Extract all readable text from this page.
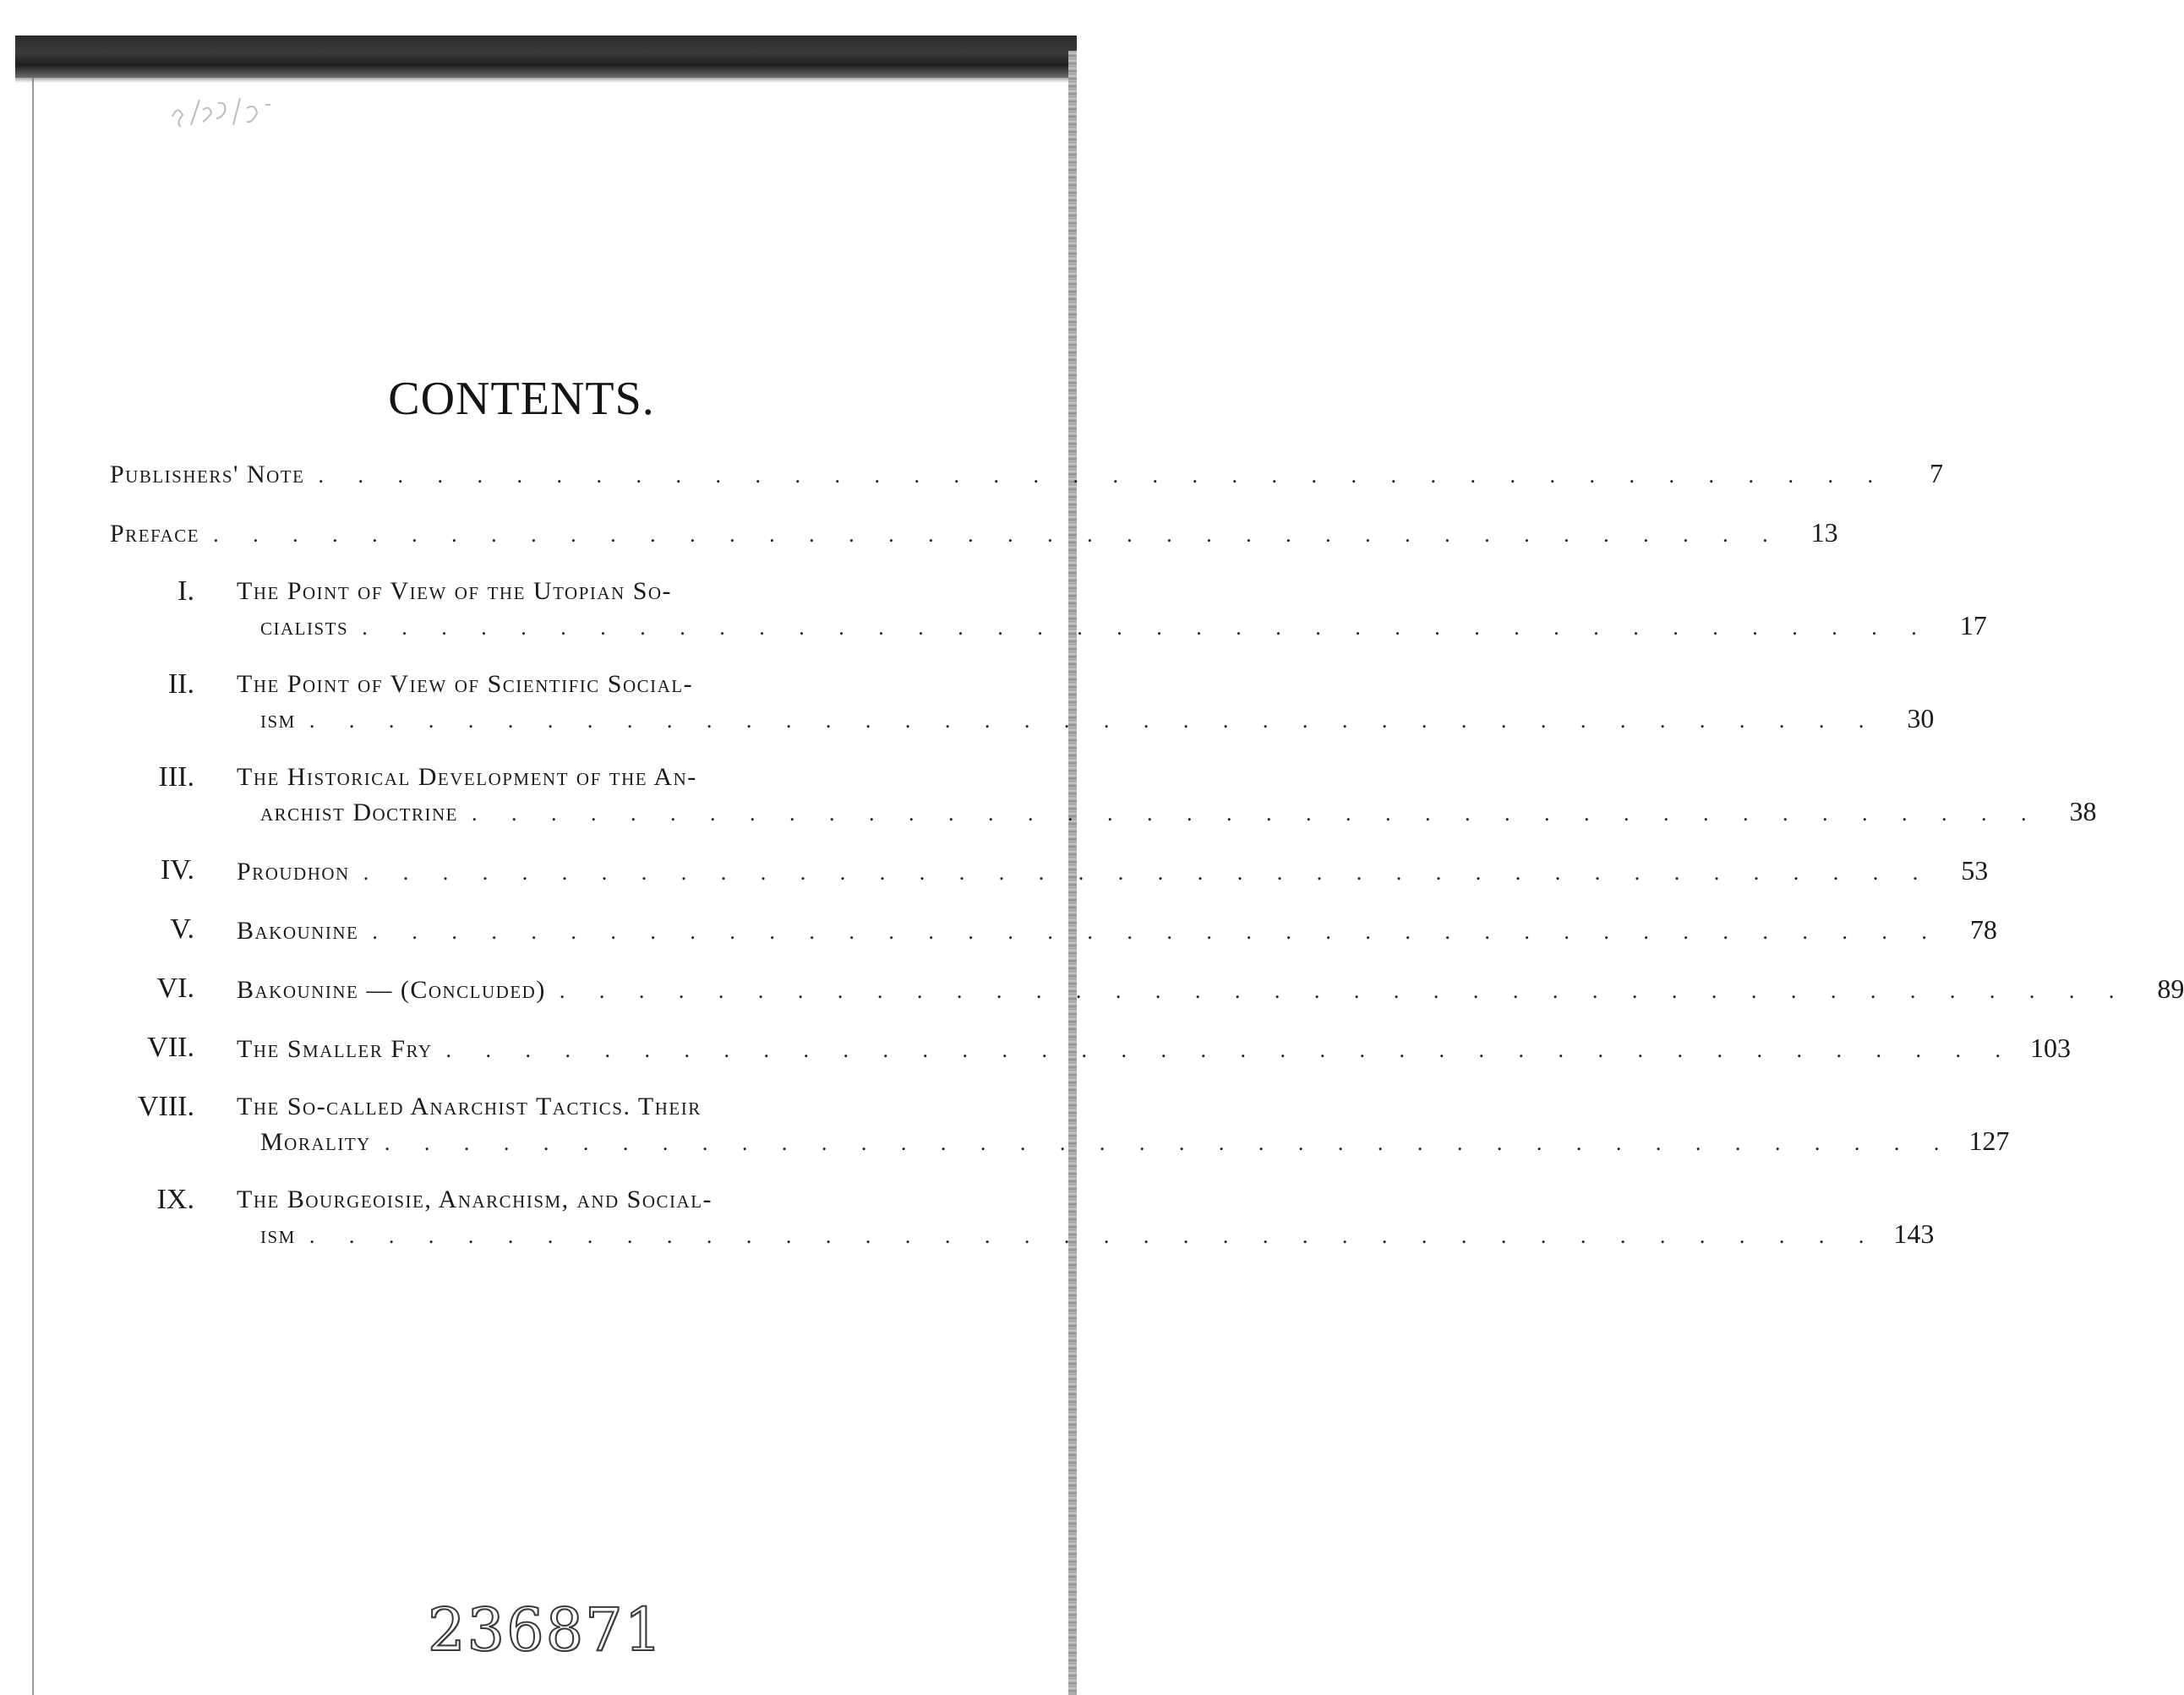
CONTENTS.
Publishers' Note . . . . . . . . . . . . . . . . . . . . . . . . . . . . . . . . . . . . . . . .	7
Preface . . . . . . . . . . . . . . . . . . . . . . . . . . . . . . . . . . . . . . . .	13
I. The Point of View of the Utopian So-
cialists . . . . . . . . . . . . . . . . . . . . . . . . . . . . . . . . . . . . . . . .	17
II. The Point of View of Scientific Social-
ism . . . . . . . . . . . . . . . . . . . . . . . . . . . . . . . . . . . . . . . .	30
III. The Historical Development of the An-
archist Doctrine . . . . . . . . . . . . . . . . . . . . . . . . . . . . . . . . . . . . . . . .	38
IV. Proudhon . . . . . . . . . . . . . . . . . . . . . . . . . . . . . . . . . . . . . . . .	53
V. Bakounine . . . . . . . . . . . . . . . . . . . . . . . . . . . . . . . . . . . . . . . .	78
VI. Bakounine — (Concluded) . . . . . . . . . . . . . . . . . . . . . . . . . . . . . . . . . . . . . . . .	89
VII. The Smaller Fry . . . . . . . . . . . . . . . . . . . . . . . . . . . . . . . . . . . . . . . . 103
VIII. The So-called Anarchist Tactics. Their
Morality . . . . . . . . . . . . . . . . . . . . . . . . . . . . . . . . . . . . . . . . 127
IX. The Bourgeoisie, Anarchism, and Social-
ism . . . . . . . . . . . . . . . . . . . . . . . . . . . . . . . . . . . . . . . . 143
236871
